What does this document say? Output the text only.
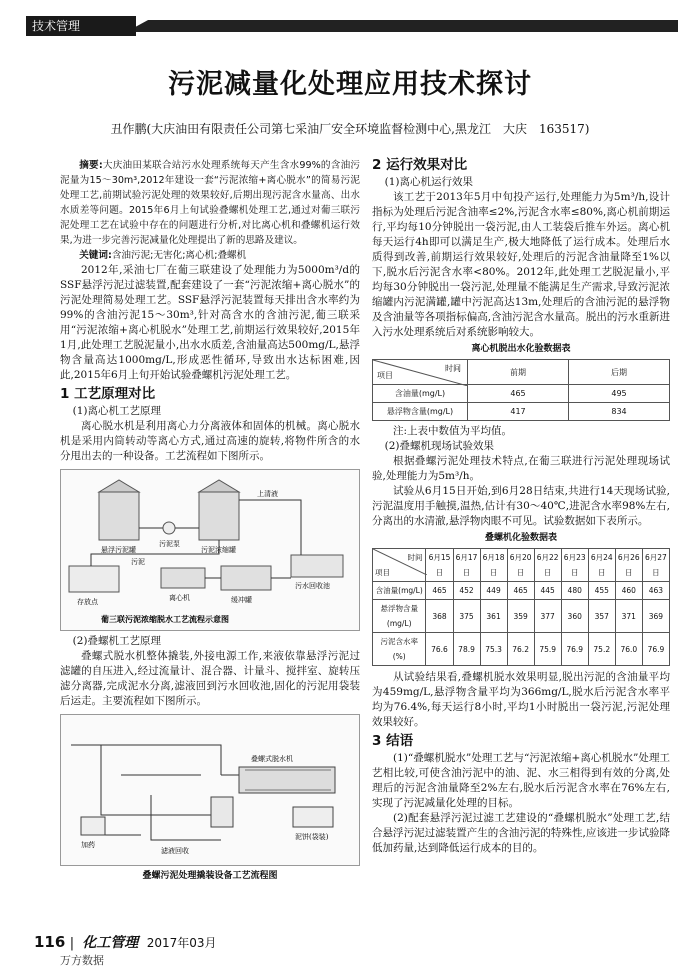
技术管理
污泥减量化处理应用技术探讨
丑作鹏(大庆油田有限责任公司第七采油厂安全环境监督检测中心,黑龙江　大庆　163517)

摘要:大庆油田某联合站污水处理系统每天产生含水99%的含油污泥量为15～30m³,2012年建设一套“污泥浓缩+离心脱水”的简易污泥处理工艺,前期试验污泥处理的效果较好,后期出现污泥含水量高、出水水质差等问题。2015年6月上旬试验叠螺机处理工艺,通过对葡三联污泥处理工艺在试验中存在的问题进行分析,对比离心机和叠螺机运行效果,为进一步完善污泥减量化处理提出了新的思路及建议。

关键词:含油污泥;无害化;离心机;叠螺机

2012年,采油七厂在葡三联建设了处理能力为5000m³/d的SSF悬浮污泥过滤装置,配套建设了一套“污泥浓缩+离心脱水”的污泥处理简易处理工艺。SSF悬浮污泥装置每天排出含水率约为99%的含油污泥15～30m³,针对高含水的含油污泥,葡三联采用“污泥浓缩+离心机脱水”处理工艺,前期运行效果较好,2015年1月,此处理工艺脱泥量小,出水水质差,含油量高达500mg/L,悬浮物含量高达1000mg/L,形成恶性循环,导致出水达标困难,因此,2015年6月上旬开始试验叠螺机污泥处理工艺。

1 工艺原理对比
(1)离心机工艺原理

离心脱水机是利用离心力分离液体和固体的机械。离心脱水机是采用内筒转动等离心方式,通过高速的旋转,将物件所含的水分甩出去的一种设备。工艺流程如下图所示。

悬浮污泥罐
污泥泵
污泥浓缩罐
上清液
污泥
污水回收池
离心机	缓冲罐
存放点
葡三联污泥浓缩脱水工艺流程示意图
(2)叠螺机工艺原理

叠螺式脱水机整体撬装,外接电源工作,来液依靠悬浮污泥过滤罐的自压进入,经过流量计、混合器、计量斗、搅拌室、旋转压滤分离器,完成泥水分离,滤液回到污水回收池,固化的污泥用袋装后运走。主要流程如下图所示。

叠螺式脱水机
泥饼(袋装)
加药
滤液回收
叠螺污泥处理撬装设备工艺流程图
2 运行效果对比
(1)离心机运行效果

该工艺于2013年5月中旬投产运行,处理能力为5m³/h,设计指标为处理后污泥含油率≤2%,污泥含水率≤80%,离心机前期运行,平均每10分钟脱出一袋污泥,由人工装袋后推车外运。离心机每天运行4h即可以满足生产,极大地降低了运行成本。处理后水质得到改善,前期运行效果较好,处理后的污泥含油量降至1%以下,脱水后污泥含水率<80%。2012年,此处理工艺脱泥量小,平均每30分钟脱出一袋污泥,处理量不能满足生产需求,导致污泥浓缩罐内污泥满罐,罐中污泥高达13m,处理后的含油污泥的悬浮物及含油量等各项指标偏高,含油污泥含水量高。脱出的污水重新进入污水处理系统后对系统影响较大。

离心机脱出水化验数据表
时间
项目	前期	后期
含油量(mg/L)	465	495
悬浮物含量(mg/L)	417	834

注:上表中数值为平均值。

(2)叠螺机现场试验效果

根据叠螺污泥处理技术特点,在葡三联进行污泥处理现场试验,处理能力为5m³/h。

试验从6月15日开始,到6月28日结束,共进行14天现场试验,污泥温度用手触摸,温热,估计有30～40℃,进泥含水率98%左右,分离出的水清澈,悬浮物肉眼不可见。试验数据如下表所示。

叠螺机化验数据表
时间
项目	6月15日	6月17日	6月18日	6月20日	6月22日	6月23日	6月24日	6月26日	6月27日
含油量(mg/L)	465	452	449	465	445	480	455	460	463
悬浮物含量(mg/L)	368	375	361	359	377	360	357	371	369
污泥含水率(%)	76.6	78.9	75.3	76.2	75.9	76.9	75.2	76.0	76.9

从试验结果看,叠螺机脱水效果明显,脱出污泥的含油量平均为459mg/L,悬浮物含量平均为366mg/L,脱水后污泥含水率平均为76.4%,每天运行8小时,平均1小时脱出一袋污泥,污泥处理效果较好。

3 结语

(1)“叠螺机脱水”处理工艺与“污泥浓缩+离心机脱水”处理工艺相比较,可使含油污泥中的油、泥、水三相得到有效的分离,处理后的污泥含油量降至2%左右,脱水后污泥含水率在76%左右,实现了污泥减量化处理的目标。

(2)配套悬浮污泥过滤工艺建设的“叠螺机脱水”处理工艺,结合悬浮污泥过滤装置产生的含油污泥的特殊性,应该进一步试验降低加药量,达到降低运行成本的目的。

116 | 化工管理 2017年03月
万方数据
